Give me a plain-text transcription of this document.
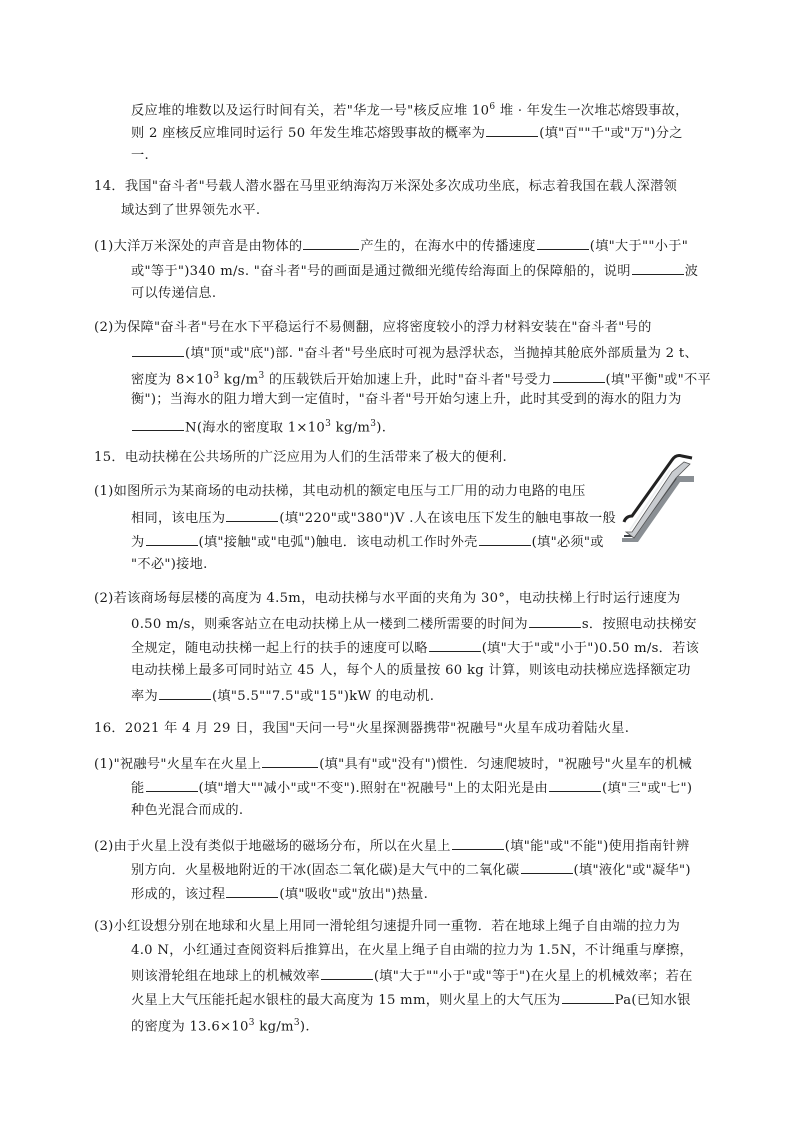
反应堆的堆数以及运行时间有关，若"华龙一号"核反应堆 $10^6$ 堆 · 年发生一次堆芯熔毁事故，
则 2 座核反应堆同时运行 50 年发生堆芯熔毁事故的概率为	(填"百""千"或"万")分之
一.
14．我国"奋斗者"号载人潜水器在马里亚纳海沟万米深处多次成功坐底，标志着我国在载人深潜领
域达到了世界领先水平.
(1)大洋万米深处的声音是由物体的	产生的，在海水中的传播速度	(填"大于""小于"
或"等于")340 m/s. "奋斗者"号的画面是通过微细光缆传给海面上的保障船的，说明	波
可以传递信息.
(2)为保障"奋斗者"号在水下平稳运行不易侧翻，应将密度较小的浮力材料安装在"奋斗者"号的
(填"顶"或"底")部. "奋斗者"号坐底时可视为悬浮状态，当抛掉其舱底外部质量为 2 t、
密度为 $8\times 10^3$ $kg/m^3$ 的压载铁后开始加速上升，此时"奋斗者"号受力	(填"平衡"或"不平
衡")；当海水的阻力增大到一定值时，"奋斗者"号开始匀速上升，此时其受到的海水的阻力为
N(海水的密度取 $1\times 10^3$ $kg/m^3$).
15．电动扶梯在公共场所的广泛应用为人们的生活带来了极大的便利.
(1)如图所示为某商场的电动扶梯，其电动机的额定电压与工厂用的动力电路的电压
相同，该电压为	(填"220"或"380")V .人在该电压下发生的触电事故一般
为	(填"接触"或"电弧")触电．该电动机工作时外壳	(填"必须"或
"不必")接地.
(2)若该商场每层楼的高度为 4.5m，电动扶梯与水平面的夹角为 30°，电动扶梯上行时运行速度为
0.50 m/s，则乘客站立在电动扶梯上从一楼到二楼所需要的时间为	s．按照电动扶梯安
全规定，随电动扶梯一起上行的扶手的速度可以略	(填"大于"或"小于")0.50 m/s．若该
电动扶梯上最多可同时站立 45 人，每个人的质量按 60 kg 计算，则该电动扶梯应选择额定功
率为	(填"5.5""7.5"或"15")kW 的电动机.
16．2021 年 4 月 29 日，我国"天问一号"火星探测器携带"祝融号"火星车成功着陆火星.
(1)"祝融号"火星车在火星上	(填"具有"或"没有")惯性．匀速爬坡时，"祝融号"火星车的机械
能	(填"增大""减小"或"不变").照射在"祝融号"上的太阳光是由	(填"三"或"七")
种色光混合而成的.
(2)由于火星上没有类似于地磁场的磁场分布，所以在火星上	(填"能"或"不能")使用指南针辨
别方向．火星极地附近的干冰(固态二氧化碳)是大气中的二氧化碳	(填"液化"或"凝华")
形成的，该过程	(填"吸收"或"放出")热量.
(3)小红设想分别在地球和火星上用同一滑轮组匀速提升同一重物．若在地球上绳子自由端的拉力为
4.0 N，小红通过查阅资料后推算出，在火星上绳子自由端的拉力为 1.5N，不计绳重与摩擦，
则该滑轮组在地球上的机械效率	(填"大于""小于"或"等于")在火星上的机械效率；若在
火星上大气压能托起水银柱的最大高度为 15 mm，则火星上的大气压为	Pa(已知水银
的密度为 $13.6\times 10^3$ $kg/m^3$).
